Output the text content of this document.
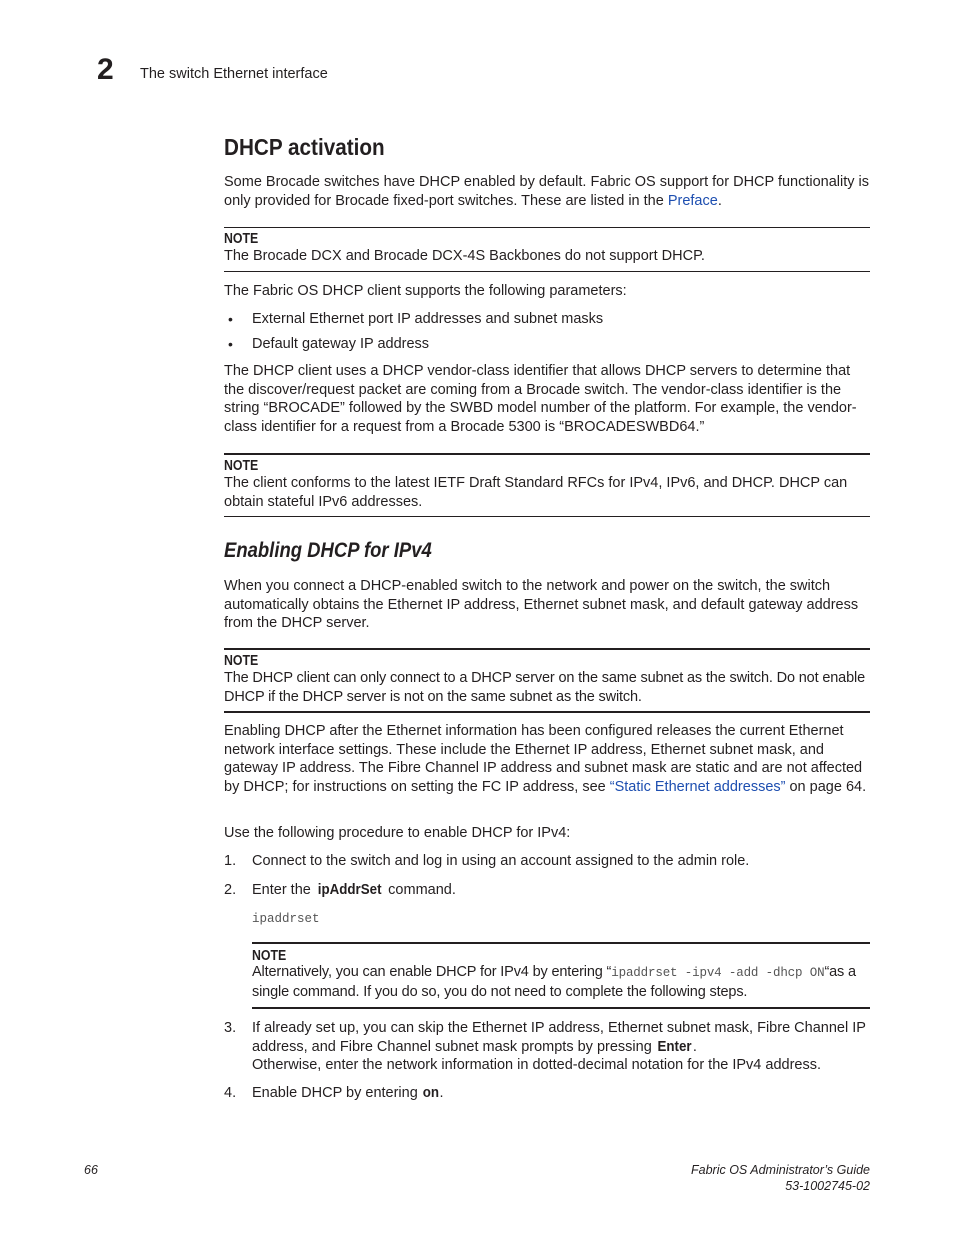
2 The switch Ethernet interface
DHCP activation

Some Brocade switches have DHCP enabled by default. Fabric OS support for DHCP functionality is only provided for Brocade fixed-port switches. These are listed in the Preface.

NOTE
The Brocade DCX and Brocade DCX-4S Backbones do not support DHCP.
The Fabric OS DHCP client supports the following parameters:
• External Ethernet port IP addresses and subnet masks
• Default gateway IP address

The DHCP client uses a DHCP vendor-class identifier that allows DHCP servers to determine that the discover/request packet are coming from a Brocade switch. The vendor-class identifier is the string “BROCADE” followed by the SWBD model number of the platform. For example, the vendor-class identifier for a request from a Brocade 5300 is “BROCADESWBD64.”

NOTE

The client conforms to the latest IETF Draft Standard RFCs for IPv4, IPv6, and DHCP. DHCP can obtain stateful IPv6 addresses.

Enabling DHCP for IPv4

When you connect a DHCP-enabled switch to the network and power on the switch, the switch automatically obtains the Ethernet IP address, Ethernet subnet mask, and default gateway address from the DHCP server.

NOTE

The DHCP client can only connect to a DHCP server on the same subnet as the switch. Do not enable DHCP if the DHCP server is not on the same subnet as the switch.

Enabling DHCP after the Ethernet information has been configured releases the current Ethernet network interface settings. These include the Ethernet IP address, Ethernet subnet mask, and gateway IP address. The Fibre Channel IP address and subnet mask are static and are not affected by DHCP; for instructions on setting the FC IP address, see “Static Ethernet addresses” on page 64.

Use the following procedure to enable DHCP for IPv4:
1. Connect to the switch and log in using an account assigned to the admin role.

2. Enter the ipAddrSet command.

ipaddrset
NOTE

Alternatively, you can enable DHCP for IPv4 by entering “ipaddrset -ipv4 -add -dhcp ON“as a single command. If you do so, you do not need to complete the following steps.

3. If already set up, you can skip the Ethernet IP address, Ethernet subnet mask, Fibre Channel IP address, and Fibre Channel subnet mask prompts by pressing Enter.
Otherwise, enter the network information in dotted-decimal notation for the IPv4 address.

4. Enable DHCP by entering on.

66	Fabric OS Administrator’s Guide
53-1002745-02
